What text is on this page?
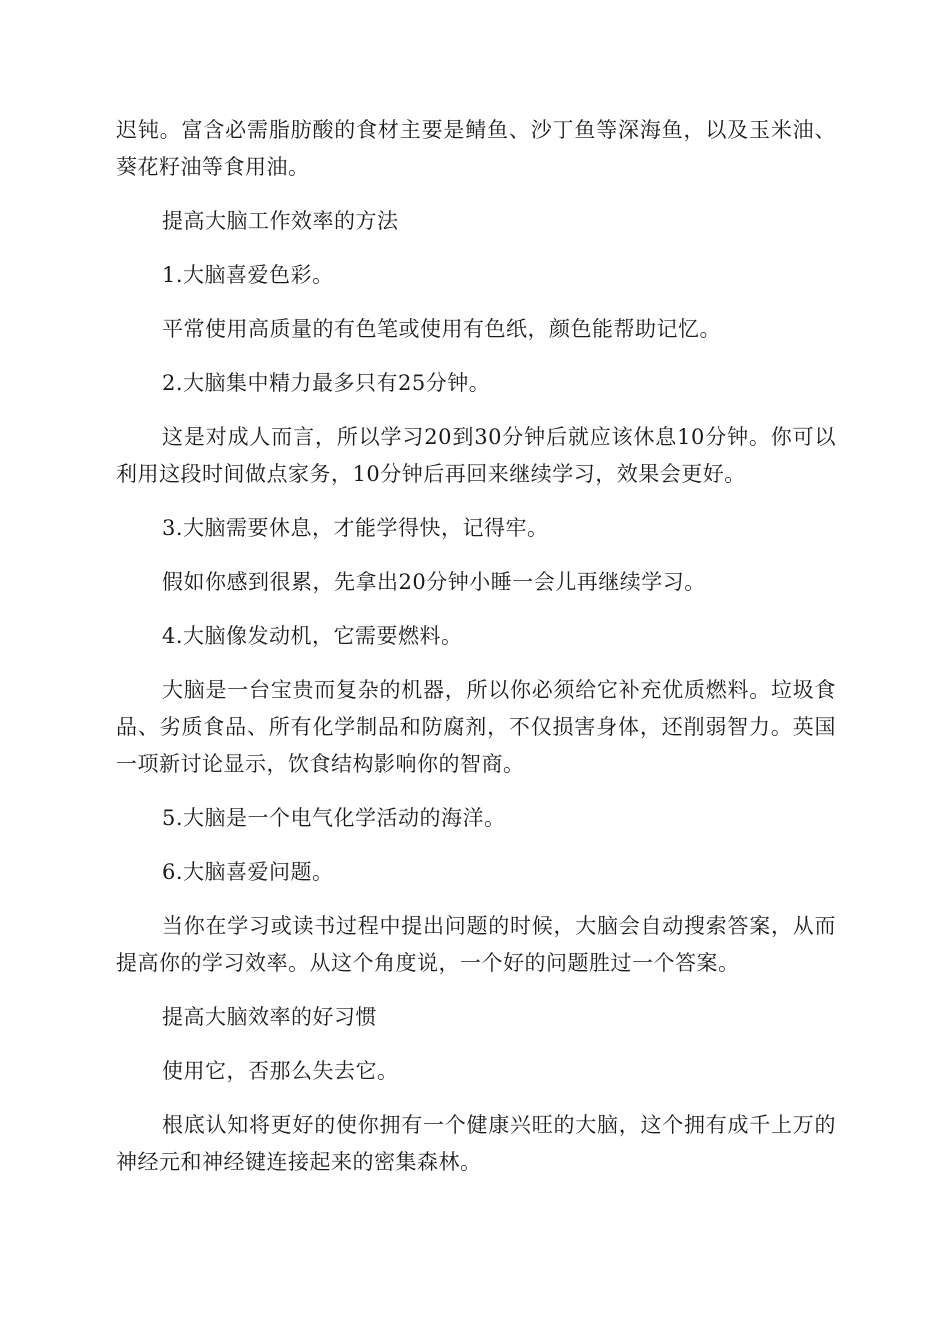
迟钝。富含必需脂肪酸的食材主要是鲭鱼、沙丁鱼等深海鱼，以及玉米油、葵花籽油等食用油。

提高大脑工作效率的方法

1.大脑喜爱色彩。

平常使用高质量的有色笔或使用有色纸，颜色能帮助记忆。

2.大脑集中精力最多只有25分钟。

这是对成人而言，所以学习20到30分钟后就应该休息10分钟。你可以利用这段时间做点家务，10分钟后再回来继续学习，效果会更好。

3.大脑需要休息，才能学得快，记得牢。

假如你感到很累，先拿出20分钟小睡一会儿再继续学习。

4.大脑像发动机，它需要燃料。

大脑是一台宝贵而复杂的机器，所以你必须给它补充优质燃料。垃圾食品、劣质食品、所有化学制品和防腐剂，不仅损害身体，还削弱智力。英国一项新讨论显示，饮食结构影响你的智商。

5.大脑是一个电气化学活动的海洋。

6.大脑喜爱问题。

当你在学习或读书过程中提出问题的时候，大脑会自动搜索答案，从而提高你的学习效率。从这个角度说，一个好的问题胜过一个答案。

提高大脑效率的好习惯

使用它，否那么失去它。

根底认知将更好的使你拥有一个健康兴旺的大脑，这个拥有成千上万的神经元和神经键连接起来的密集森林。
